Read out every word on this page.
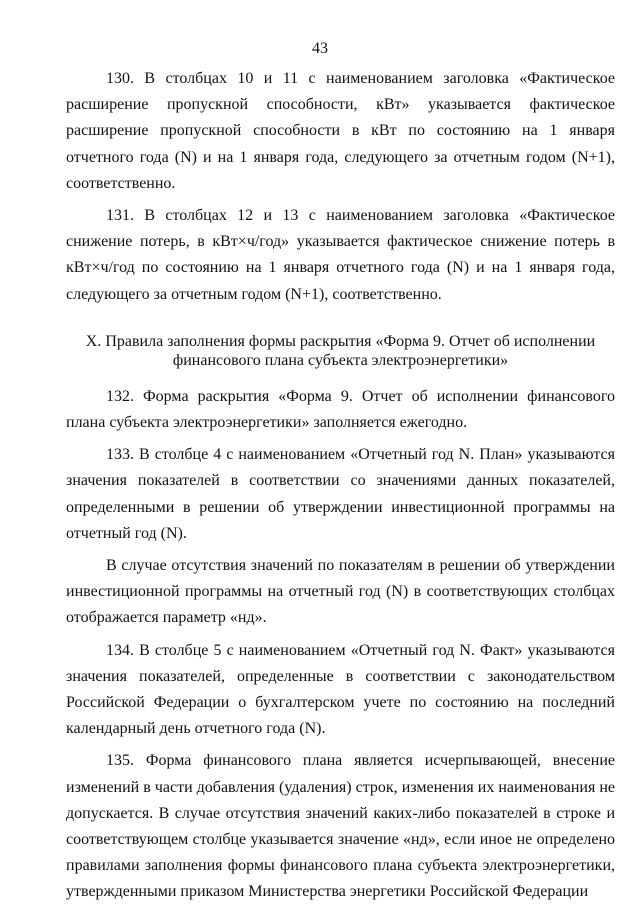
43

130. В столбцах 10 и 11 с наименованием заголовка «Фактическое расширение пропускной способности, кВт» указывается фактическое расширение пропускной способности в кВт по состоянию на 1 января отчетного года (N) и на 1 января года, следующего за отчетным годом (N+1), соответственно.

131. В столбцах 12 и 13 с наименованием заголовка «Фактическое снижение потерь, в кВт×ч/год» указывается фактическое снижение потерь в кВт×ч/год по состоянию на 1 января отчетного года (N) и на 1 января года, следующего за отчетным годом (N+1), соответственно.

X. Правила заполнения формы раскрытия «Форма 9. Отчет об исполнении финансового плана субъекта электроэнергетики»

132. Форма раскрытия «Форма 9. Отчет об исполнении финансового плана субъекта электроэнергетики» заполняется ежегодно.

133. В столбце 4 с наименованием «Отчетный год N. План» указываются значения показателей в соответствии со значениями данных показателей, определенными в решении об утверждении инвестиционной программы на отчетный год (N).

В случае отсутствия значений по показателям в решении об утверждении инвестиционной программы на отчетный год (N) в соответствующих столбцах отображается параметр «нд».

134. В столбце 5 с наименованием «Отчетный год N. Факт» указываются значения показателей, определенные в соответствии с законодательством Российской Федерации о бухгалтерском учете по состоянию на последний календарный день отчетного года (N).

135. Форма финансового плана является исчерпывающей, внесение изменений в части добавления (удаления) строк, изменения их наименования не допускается. В случае отсутствия значений каких-либо показателей в строке и соответствующем столбце указывается значение «нд», если иное не определено правилами заполнения формы финансового плана субъекта электроэнергетики, утвержденными приказом Министерства энергетики Российской Федерации
